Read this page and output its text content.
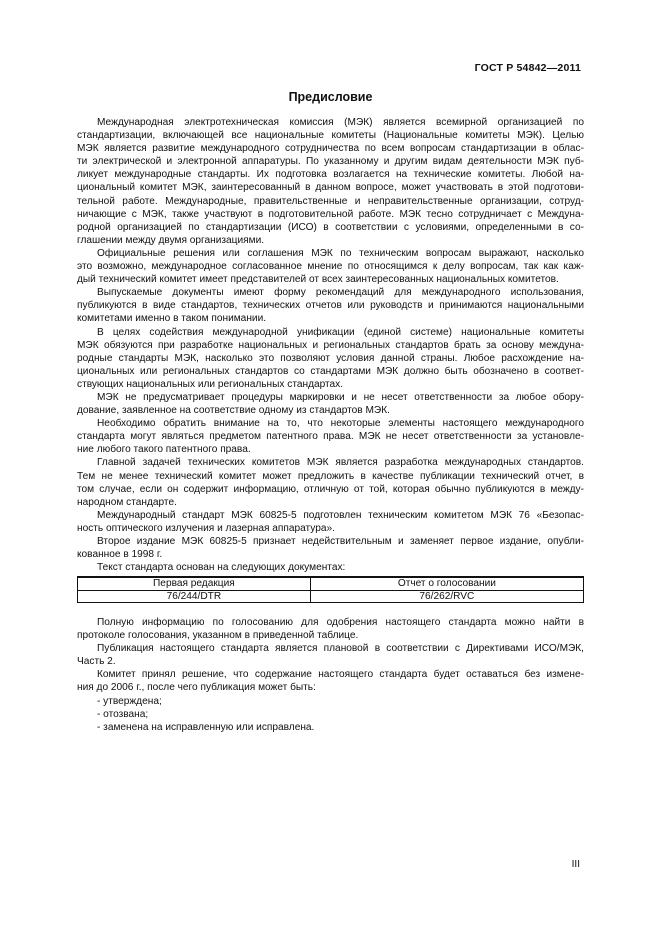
ГОСТ Р 54842—2011
Предисловие
Международная электротехническая комиссия (МЭК) является всемирной организацией по
стандартизации, включающей все национальные комитеты (Национальные комитеты МЭК). Целью
МЭК является развитие международного сотрудничества по всем вопросам стандартизации в облас-
ти электрической и электронной аппаратуры. По указанному и другим видам деятельности МЭК пуб-
ликует международные стандарты. Их подготовка возлагается на технические комитеты. Любой на-
циональный комитет МЭК, заинтересованный в данном вопросе, может участвовать в этой подготови-
тельной работе. Международные, правительственные и неправительственные организации, сотруд-
ничающие с МЭК, также участвуют в подготовительной работе. МЭК тесно сотрудничает с Междуна-
родной организацией по стандартизации (ИСО) в соответствии с условиями, определенными в со-
глашении между двумя организациями.
Официальные решения или соглашения МЭК по техническим вопросам выражают, насколько
это возможно, международное согласованное мнение по относящимся к делу вопросам, так как каж-
дый технический комитет имеет представителей от всех заинтересованных национальных комитетов.
Выпускаемые документы имеют форму рекомендаций для международного использования,
публикуются в виде стандартов, технических отчетов или руководств и принимаются национальными
комитетами именно в таком понимании.
В целях содействия международной унификации (единой системе) национальные комитеты
МЭК обязуются при разработке национальных и региональных стандартов брать за основу междуна-
родные стандарты МЭК, насколько это позволяют условия данной страны. Любое расхождение на-
циональных или региональных стандартов со стандартами МЭК должно быть обозначено в соответ-
ствующих национальных или региональных стандартах.
МЭК не предусматривает процедуры маркировки и не несет ответственности за любое обору-
дование, заявленное на соответствие одному из стандартов МЭК.
Необходимо обратить внимание на то, что некоторые элементы настоящего международного
стандарта могут являться предметом патентного права. МЭК не несет ответственности за установле-
ние любого такого патентного права.
Главной задачей технических комитетов МЭК является разработка международных стандартов.
Тем не менее технический комитет может предложить в качестве публикации технический отчет, в
том случае, если он содержит информацию, отличную от той, которая обычно публикуются в между-
народном стандарте.
Международный стандарт МЭК 60825-5 подготовлен техническим комитетом МЭК 76 «Безопас-
ность оптического излучения и лазерная аппаратура».
Второе издание МЭК 60825-5 признает недействительным и заменяет первое издание, опубли-
кованное в 1998 г.
Текст стандарта основан на следующих документах:
Первая редакция	Отчет о голосовании
76/244/DTR	76/262/RVC
Полную информацию по голосованию для одобрения настоящего стандарта можно найти в
протоколе голосования, указанном в приведенной таблице.
Публикация настоящего стандарта является плановой в соответствии с Директивами ИСО/МЭК,
Часть 2.
Комитет принял решение, что содержание настоящего стандарта будет оставаться без измене-
ния до 2006 г., после чего публикация может быть:
- утверждена;
- отозвана;
- заменена на исправленную или исправлена.
III
